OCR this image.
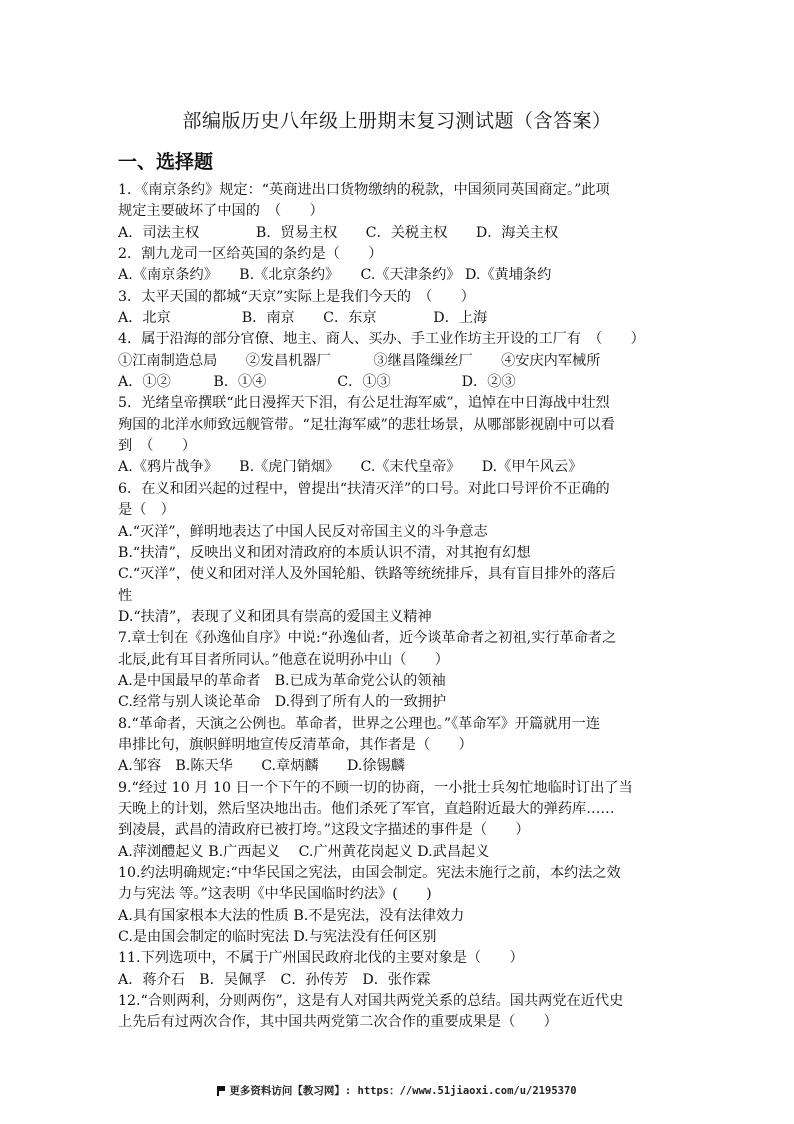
部编版历史八年级上册期末复习测试题（含答案）
一、选择题
1．《南京条约》规定：“英商进出口货物缴纳的税款，中国须同英国商定。”此项
规定主要破坏了中国的　（　　）
A．司法主权　　　　B．贸易主权　　C．关税主权　　D．海关主权
2．割九龙司一区给英国的条约是（　　）
A.《南京条约》　　B.《北京条约》　　C.《天津条约》 D.《黄埔条约
3．太平天国的都城“天京”实际上是我们今天的　（　　）
A．北京　　　　　B．南京　　C．东京　　　　D．上海
4．属于沿海的部分官僚、地主、商人、买办、手工业作坊主开设的工厂有　（　　）
①江南制造总局　　②发昌机器厂　　　③继昌隆缫丝厂　　④安庆内军械所
A．①②　　　B．①④　　　　　C．①③　　　　　D．②③
5．光绪皇帝撰联“此日漫挥天下泪，有公足壮海军威”，追悼在中日海战中壮烈
殉国的北洋水师致远舰管带。“足壮海军威”的悲壮场景，从哪部影视剧中可以看
到　（　　）
A.《鸦片战争》　　B.《虎门销烟》　　C.《末代皇帝》　　D.《甲午风云》
6．在义和团兴起的过程中，曾提出“扶清灭洋”的口号。对此口号评价不正确的
是（　）
A.“灭洋”，鲜明地表达了中国人民反对帝国主义的斗争意志
B.“扶清”，反映出义和团对清政府的本质认识不清，对其抱有幻想
C.“灭洋”，使义和团对洋人及外国轮船、铁路等统统排斥，具有盲目排外的落后
性
D.“扶清”，表现了义和团具有崇高的爱国主义精神
7.章士钊在《孙逸仙自序》中说:“孙逸仙者，近今谈革命者之初祖,实行革命者之
北辰,此有耳目者所同认。”他意在说明孙中山（　　）
A.是中国最早的革命者　B.已成为革命党公认的领袖
C.经常与别人谈论革命　D.得到了所有人的一致拥护
8.“革命者，天演之公例也。革命者，世界之公理也。”《革命军》开篇就用一连
串排比句，旗帜鲜明地宣传反清革命，其作者是（　　）
A.邹容　B.陈天华　　C.章炳麟　　D.徐锡麟
9.“经过 10 月 10 日一个下午的不顾一切的协商，一小批士兵匆忙地临时订出了当
天晚上的计划，然后坚决地出击。他们杀死了军官，直趋附近最大的弹药库……
到凌晨，武昌的清政府已被打垮。”这段文字描述的事件是（　　）
A.萍浏醴起义 B.广西起义　 C.广州黄花岗起义 D.武昌起义
10.约法明确规定:“中华民国之宪法，由国会制定。宪法未施行之前，本约法之效
力与宪法 等。”这表明《中华民国临时约法》(　　)
A.具有国家根本大法的性质 B.不是宪法，没有法律效力
C.是由国会制定的临时宪法 D.与宪法没有任何区别
11.下列选项中，不属于广州国民政府北伐的主要对象是（　　）
A．蒋介石　B．吴佩孚　C．孙传芳　D．张作霖
12.“合则两利，分则两伤”，这是有人对国共两党关系的总结。国共两党在近代史
上先后有过两次合作，其中国共两党第二次合作的重要成果是（　　）
更多资料访问【教习网】: https：//www.51jiaoxi.com/u/2195370
